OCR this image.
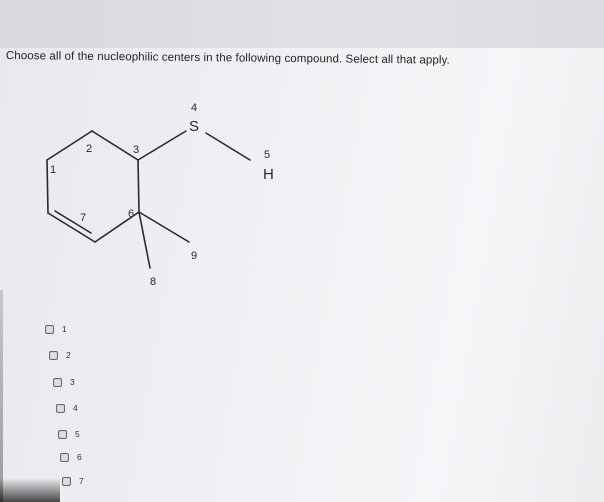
Choose all of the nucleophilic centers in the following compound. Select all that apply.
1
2	3
4
5
6
7
8
9
S
H
1
2
3
4
5
6
7
